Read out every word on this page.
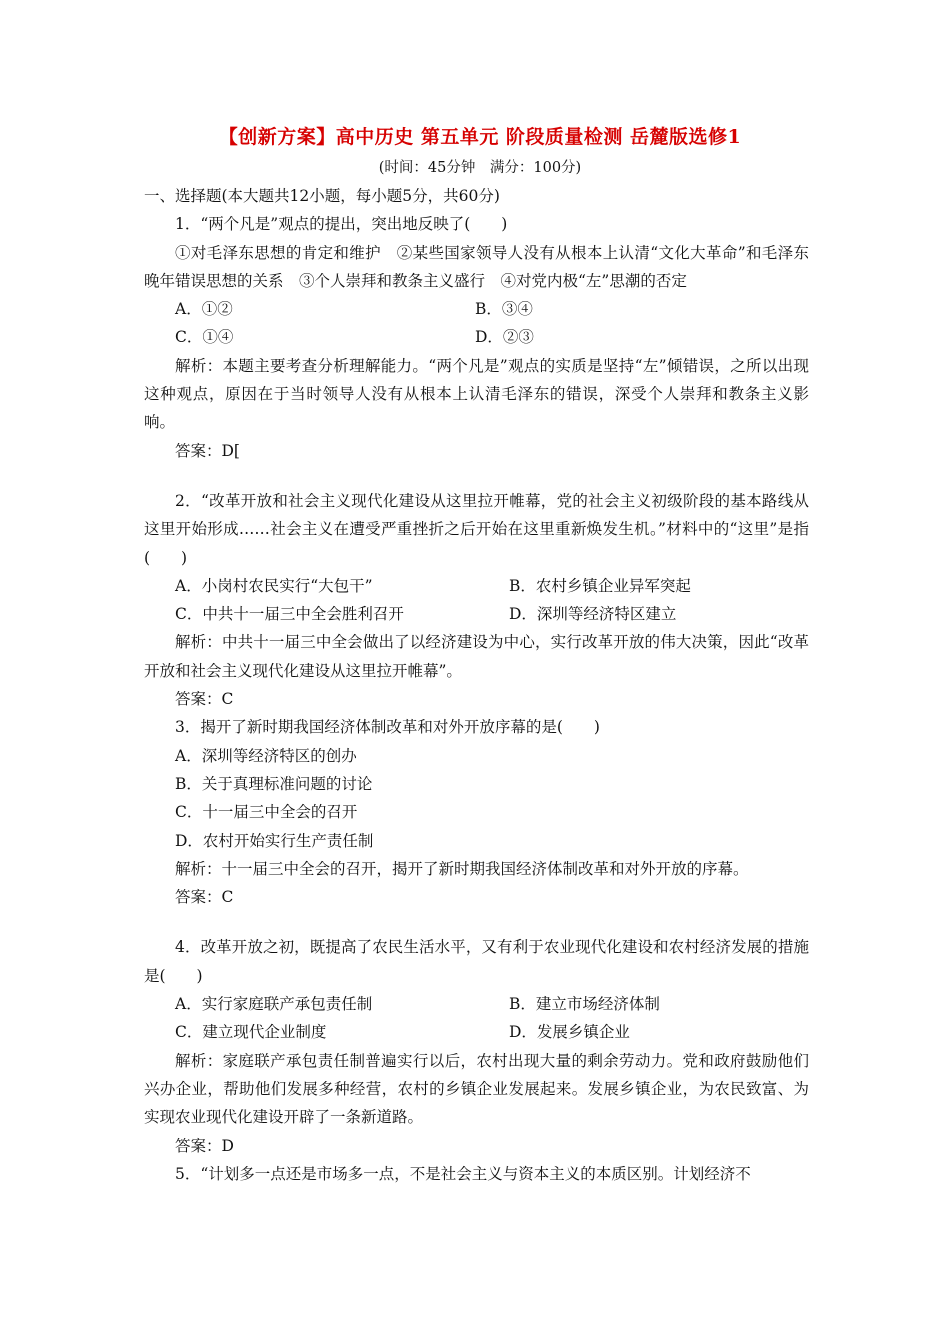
【创新方案】高中历史 第五单元 阶段质量检测 岳麓版选修1
(时间：45分钟　满分：100分)
一、选择题(本大题共12小题，每小题5分，共60分)
1．“两个凡是”观点的提出，突出地反映了(　　)
①对毛泽东思想的肯定和维护　②某些国家领导人没有从根本上认清“文化大革命”和毛泽东晚年错误思想的关系　③个人崇拜和教条主义盛行　④对党内极“左”思潮的否定
A．①②	B．③④
C．①④	D．②③
解析：本题主要考查分析理解能力。“两个凡是”观点的实质是坚持“左”倾错误，之所以出现这种观点，原因在于当时领导人没有从根本上认清毛泽东的错误，深受个人崇拜和教条主义影响。
答案：D[
2．“改革开放和社会主义现代化建设从这里拉开帷幕，党的社会主义初级阶段的基本路线从这里开始形成……社会主义在遭受严重挫折之后开始在这里重新焕发生机。”材料中的“这里”是指(　　)
A．小岗村农民实行“大包干”	B．农村乡镇企业异军突起
C．中共十一届三中全会胜利召开	D．深圳等经济特区建立
解析：中共十一届三中全会做出了以经济建设为中心，实行改革开放的伟大决策，因此“改革开放和社会主义现代化建设从这里拉开帷幕”。
答案：C
3．揭开了新时期我国经济体制改革和对外开放序幕的是(　　)
A．深圳等经济特区的创办
B．关于真理标准问题的讨论
C．十一届三中全会的召开
D．农村开始实行生产责任制
解析：十一届三中全会的召开，揭开了新时期我国经济体制改革和对外开放的序幕。
答案：C
4．改革开放之初，既提高了农民生活水平，又有利于农业现代化建设和农村经济发展的措施是(　　)
A．实行家庭联产承包责任制	B．建立市场经济体制
C．建立现代企业制度	D．发展乡镇企业
解析：家庭联产承包责任制普遍实行以后，农村出现大量的剩余劳动力。党和政府鼓励他们兴办企业，帮助他们发展多种经营，农村的乡镇企业发展起来。发展乡镇企业，为农民致富、为实现农业现代化建设开辟了一条新道路。
答案：D
5．“计划多一点还是市场多一点，不是社会主义与资本主义的本质区别。计划经济不
